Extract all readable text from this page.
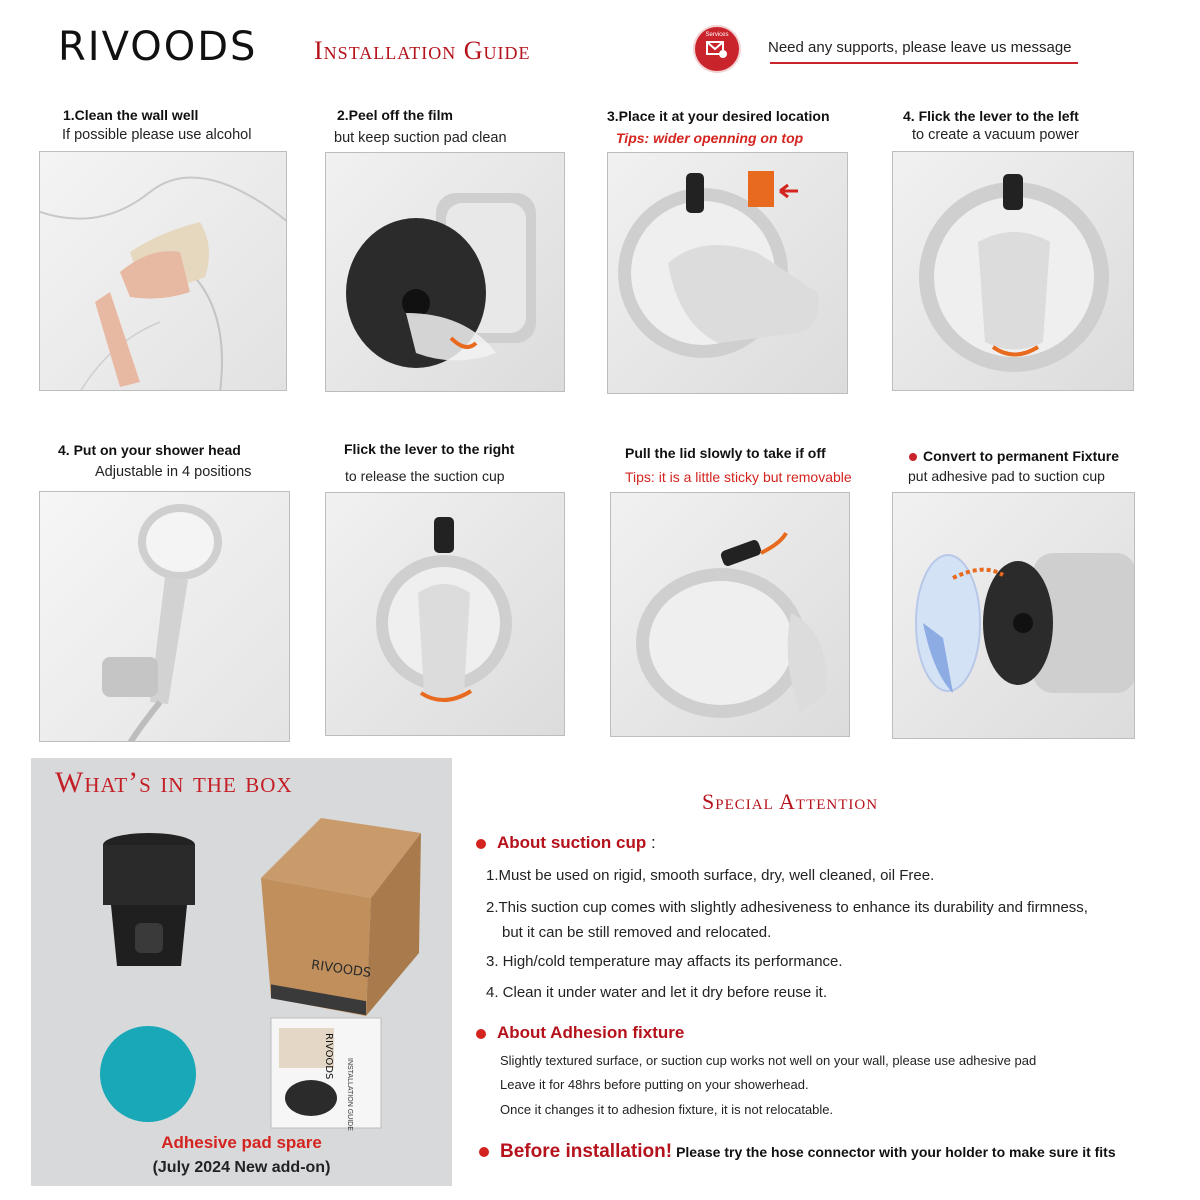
RIVOODS Installation Guide
Services
Need any supports, please leave us message
1.Clean the wall well
If possible please use alcohol
2.Peel off the film
but keep suction pad clean
3.Place it at your desired location
Tips: wider openning on top
4. Flick the lever to the left
to create a vacuum power
4. Put on your shower head
Adjustable in 4 positions
Flick the lever to the right
to release the suction cup
Pull the lid slowly to take if off
Tips: it is a little sticky but removable
Convert to permanent Fixture
put adhesive pad to suction cup
What’s in the box
RIVOODS
RIVOODS
INSTALLATION GUIDE
Adhesive pad spare
(July 2024 New add-on)
Special Attention
About suction cup :
1.Must be used on rigid, smooth surface, dry, well cleaned, oil Free.
2.This suction cup comes with slightly adhesiveness to enhance its durability and firmness,
but it can be still removed and relocated.
3. High/cold temperature may affacts its performance.
4. Clean it under water and let it dry before reuse it.
About Adhesion fixture
Slightly textured surface, or suction cup works not well on your wall, please use adhesive pad
Leave it for 48hrs before putting on your showerhead.
Once it changes it to adhesion fixture, it is not relocatable.
Before installation! Please try the hose connector with your holder to make sure it fits
